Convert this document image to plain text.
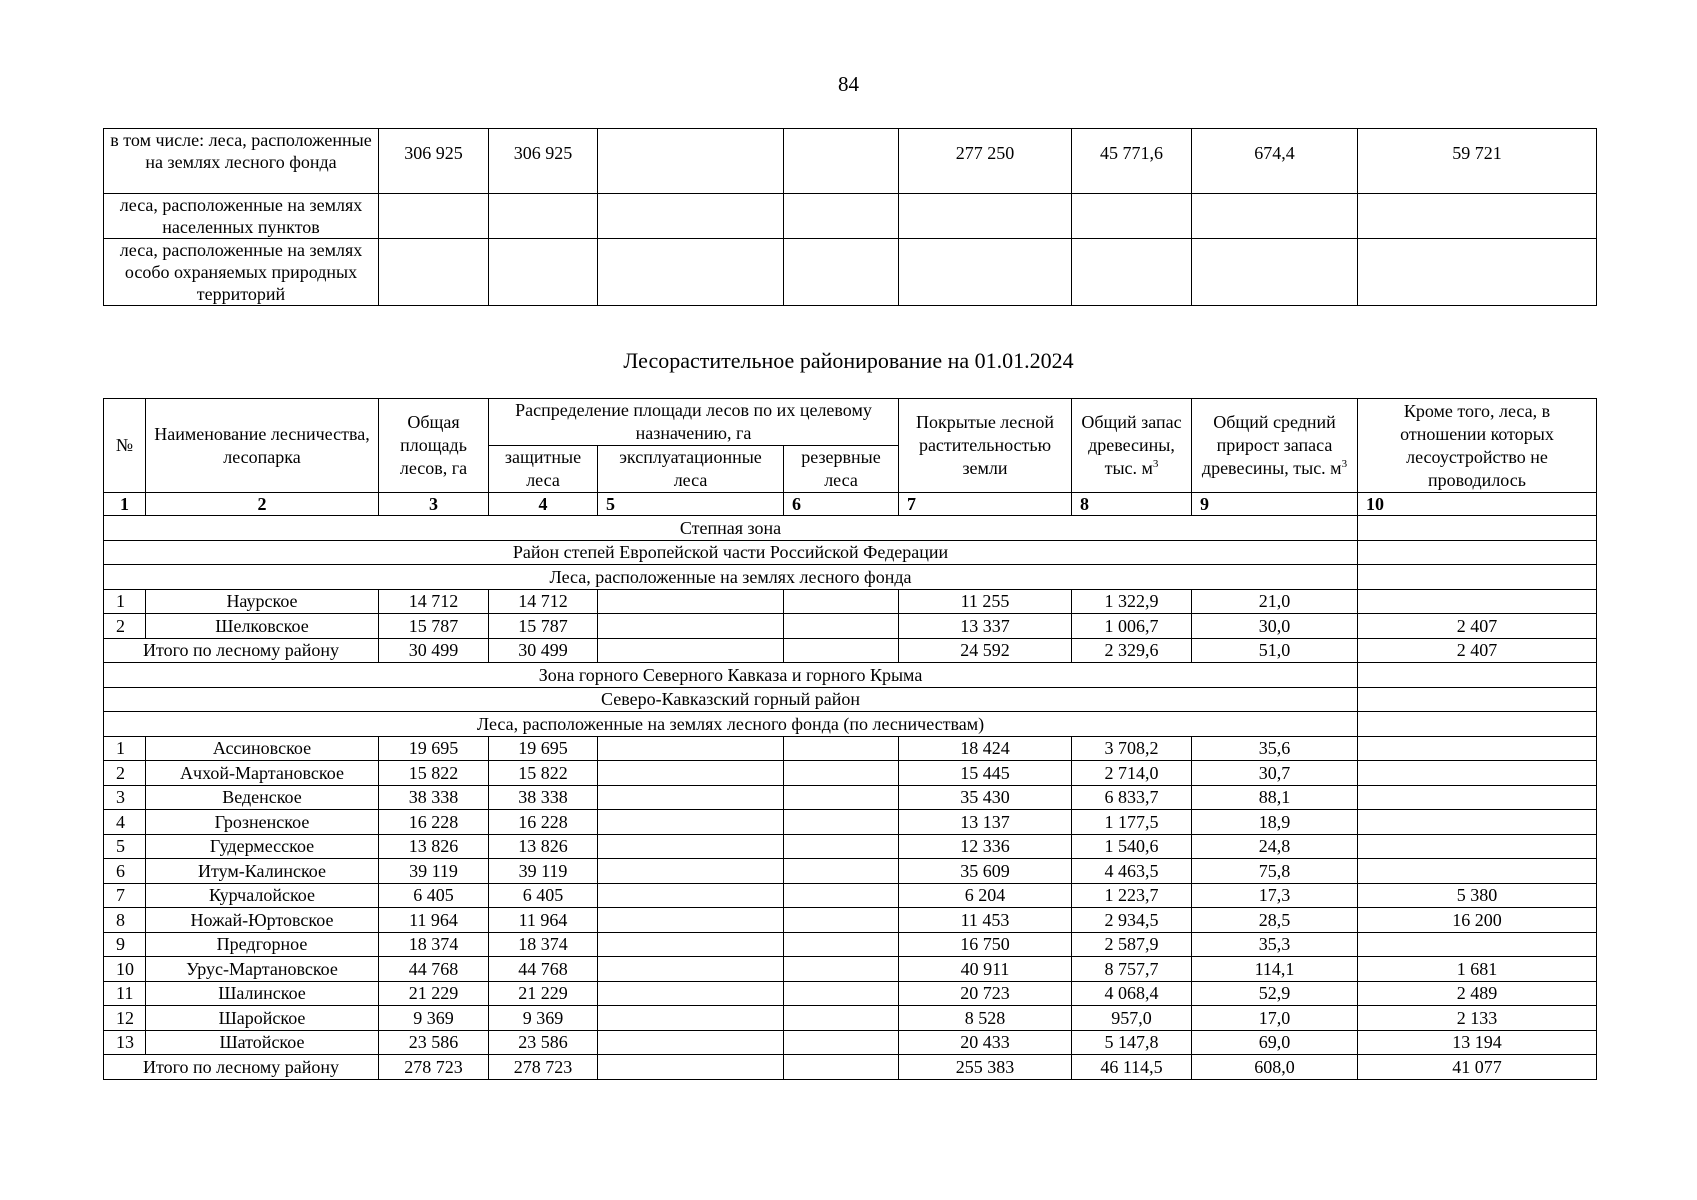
84
в том числе: леса, расположенные на землях лесного фонда	306 925	306 925			277 250	45 771,6	674,4	59 721
леса, расположенные на землях населенных пунктов								
леса, расположенные на землях особо охраняемых природных территорий								
Лесорастительное районирование на 01.01.2024
№	Наименование лесничества, лесопарка	Общая площадь лесов, га	Распределение площади лесов по их целевому назначению, га			Покрытые лесной растительностью земли	Общий запас древесины, тыс. $м^3$	Общий средний прирост запаса древесины, тыс. $м^3$	Кроме того, леса, в отношении которых лесоустройство не проводилось
			защитные леса	эксплуатационные леса	резервные леса				
1	2	3	4	5	6	7	8	9	10
Степная зона									
Район степей Европейской части Российской Федерации									
Леса, расположенные на землях лесного фонда									
1	Наурское	14 712	14 712			11 255	1 322,9	21,0	
2	Шелковское	15 787	15 787			13 337	1 006,7	30,0	2 407
Итого по лесному району		30 499	30 499			24 592	2 329,6	51,0	2 407
Зона горного Северного Кавказа и горного Крыма									
Северо-Кавказский горный район									
Леса, расположенные на землях лесного фонда (по лесничествам)									
1	Ассиновское	19 695	19 695			18 424	3 708,2	35,6	
2	Ачхой-Мартановское	15 822	15 822			15 445	2 714,0	30,7	
3	Веденское	38 338	38 338			35 430	6 833,7	88,1	
4	Грозненское	16 228	16 228			13 137	1 177,5	18,9	
5	Гудермесское	13 826	13 826			12 336	1 540,6	24,8	
6	Итум-Калинское	39 119	39 119			35 609	4 463,5	75,8	
7	Курчалойское	6 405	6 405			6 204	1 223,7	17,3	5 380
8	Ножай-Юртовское	11 964	11 964			11 453	2 934,5	28,5	16 200
9	Предгорное	18 374	18 374			16 750	2 587,9	35,3	
10	Урус-Мартановское	44 768	44 768			40 911	8 757,7	114,1	1 681
11	Шалинское	21 229	21 229			20 723	4 068,4	52,9	2 489
12	Шаройское	9 369	9 369			8 528	957,0	17,0	2 133
13	Шатойское	23 586	23 586			20 433	5 147,8	69,0	13 194
Итого по лесному району		278 723	278 723			255 383	46 114,5	608,0	41 077
